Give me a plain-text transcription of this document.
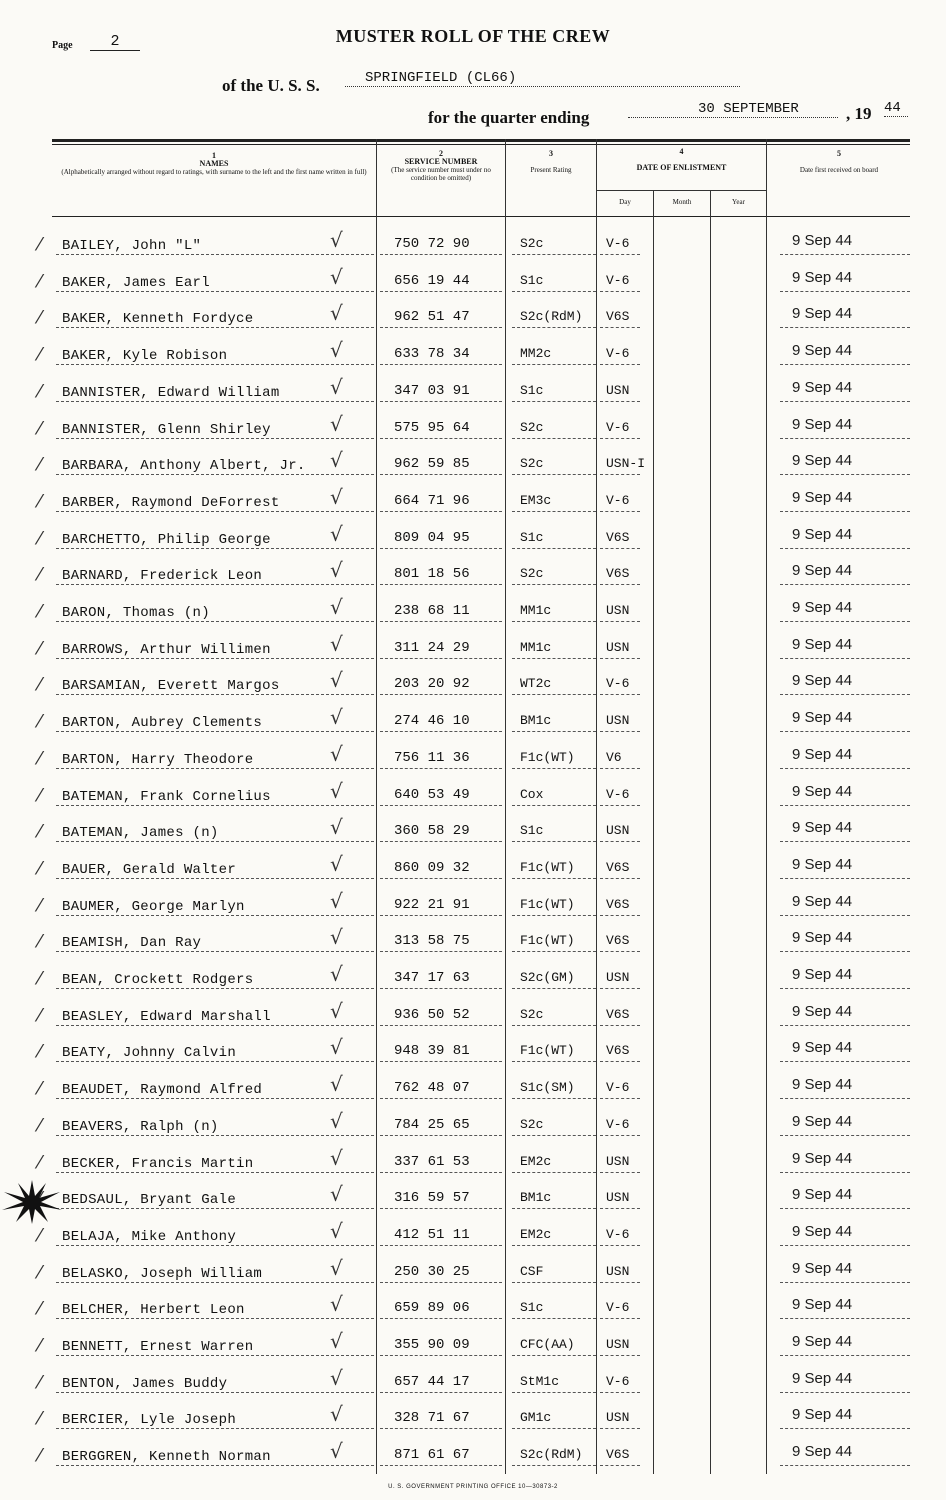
Page	2	MUSTER ROLL OF THE CREW
of the U. S. S.	SPRINGFIELD (CL66)
for the quarter ending	30 SEPTEMBER	, 19 44
1
NAMES
(Alphabetically arranged without regard to ratings, with surname to the left and the first name written in full)
2
SERVICE NUMBER
(The service number must under no condition be omitted)
3

Present Rating
4

DATE OF ENLISTMENT
Day	Month	Year
5

Date first received on board
⁄ BAILEY, John "L"	√	750 72 90	S2c	V-6	9 Sep 44
⁄ BAKER, James Earl	√	656 19 44	S1c	V-6	9 Sep 44
⁄ BAKER, Kenneth Fordyce	√	962 51 47	S2c(RdM) V6S	9 Sep 44
⁄ BAKER, Kyle Robison	√	633 78 34	MM2c	V-6	9 Sep 44
⁄ BANNISTER, Edward William	√	347 03 91	S1c	USN	9 Sep 44
⁄ BANNISTER, Glenn Shirley	√	575 95 64	S2c	V-6	9 Sep 44
⁄ BARBARA, Anthony Albert, Jr. √	962 59 85	S2c	USN-I	9 Sep 44
⁄ BARBER, Raymond DeForrest	√	664 71 96	EM3c	V-6	9 Sep 44
⁄ BARCHETTO, Philip George	√	809 04 95	S1c	V6S	9 Sep 44
⁄ BARNARD, Frederick Leon	√	801 18 56	S2c	V6S	9 Sep 44
⁄ BARON, Thomas (n)	√	238 68 11	MM1c	USN	9 Sep 44
⁄ BARROWS, Arthur Willimen	√	311 24 29	MM1c	USN	9 Sep 44
⁄ BARSAMIAN, Everett Margos	√	203 20 92	WT2c	V-6	9 Sep 44
⁄ BARTON, Aubrey Clements	√	274 46 10	BM1c	USN	9 Sep 44
⁄ BARTON, Harry Theodore	√	756 11 36	F1c(WT) V6	9 Sep 44
⁄ BATEMAN, Frank Cornelius	√	640 53 49	Cox	V-6	9 Sep 44
⁄ BATEMAN, James (n)	√	360 58 29	S1c	USN	9 Sep 44
⁄ BAUER, Gerald Walter	√	860 09 32	F1c(WT) V6S	9 Sep 44
⁄ BAUMER, George Marlyn	√	922 21 91	F1c(WT) V6S	9 Sep 44
⁄ BEAMISH, Dan Ray	√	313 58 75	F1c(WT) V6S	9 Sep 44
⁄ BEAN, Crockett Rodgers	√	347 17 63	S2c(GM) USN	9 Sep 44
⁄ BEASLEY, Edward Marshall	√	936 50 52	S2c	V6S	9 Sep 44
⁄ BEATY, Johnny Calvin	√	948 39 81	F1c(WT) V6S	9 Sep 44
⁄ BEAUDET, Raymond Alfred	√	762 48 07	S1c(SM) V-6	9 Sep 44
⁄ BEAVERS, Ralph (n)	√	784 25 65	S2c	V-6	9 Sep 44
⁄ BECKER, Francis Martin	√	337 61 53	EM2c	USN	9 Sep 44
BEDSAUL, Bryant Gale	√	316 59 57	BM1c	USN	9 Sep 44
⁄ BELAJA, Mike Anthony	√	412 51 11	EM2c	V-6	9 Sep 44
⁄ BELASKO, Joseph William	√	250 30 25	CSF	USN	9 Sep 44
⁄ BELCHER, Herbert Leon	√	659 89 06	S1c	V-6	9 Sep 44
⁄ BENNETT, Ernest Warren	√	355 90 09	CFC(AA) USN	9 Sep 44
⁄ BENTON, James Buddy	√	657 44 17	StM1c	V-6	9 Sep 44
⁄ BERCIER, Lyle Joseph	√	328 71 67	GM1c	USN	9 Sep 44
⁄ BERGGREN, Kenneth Norman	√	871 61 67	S2c(RdM) V6S	9 Sep 44
U. S. GOVERNMENT PRINTING OFFICE 10—30873-2
